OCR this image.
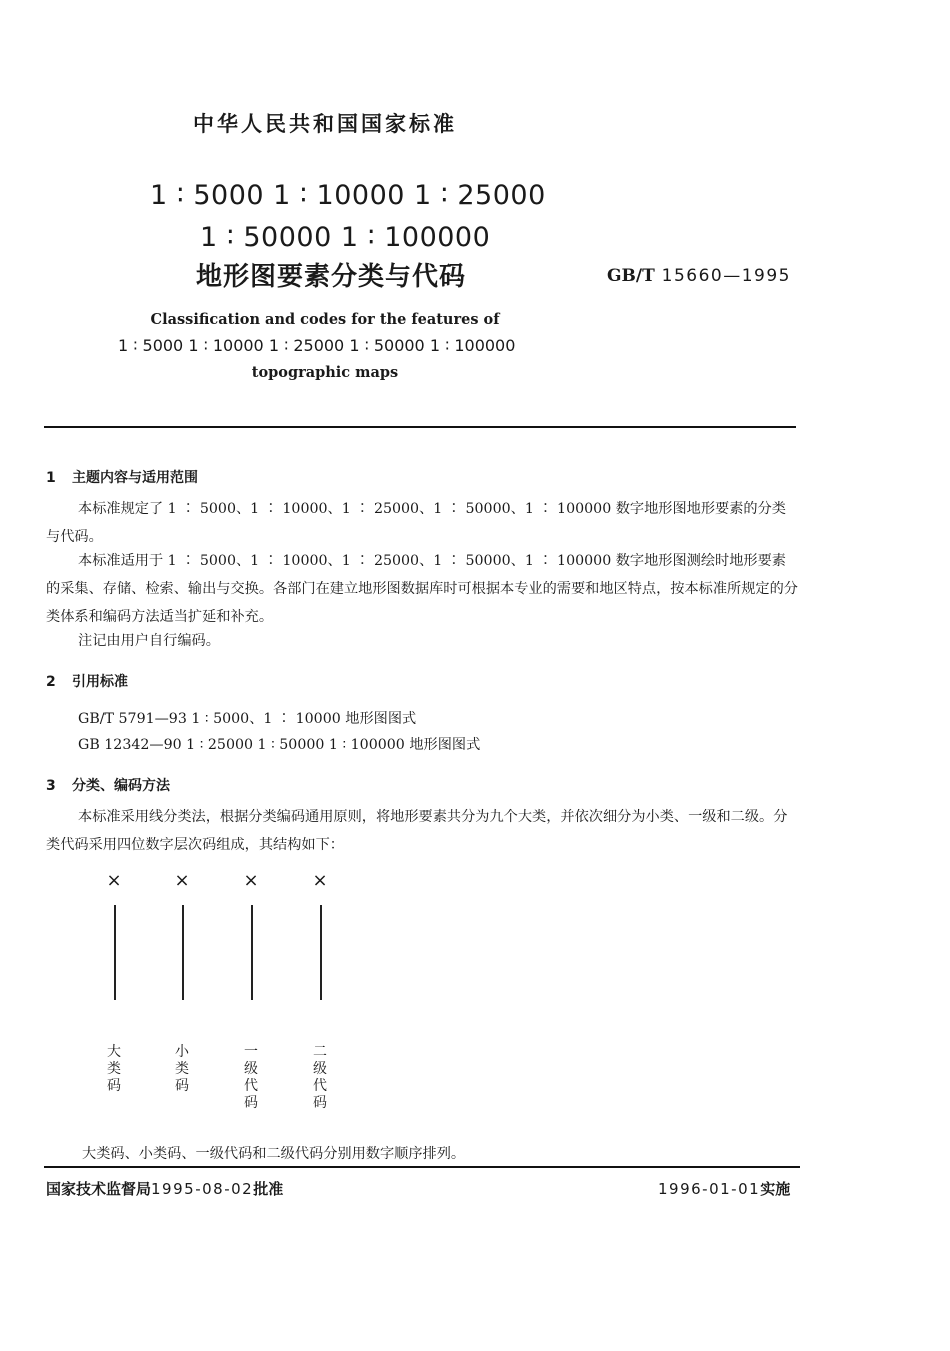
中华人民共和国国家标准
1 ∶ 5000 1 ∶ 10000 1 ∶ 25000
1 ∶ 50000 1 ∶ 100000
地形图要素分类与代码	GB/T 15660—1995
Classification and codes for the features of
1 ∶ 5000 1 ∶ 10000 1 ∶ 25000 1 ∶ 50000 1 ∶ 100000
topographic maps
1 主题内容与适用范围
本标准规定了 1 ∶ 5000、1 ∶ 10000、1 ∶ 25000、1 ∶ 50000、1 ∶ 100000 数字地形图地形要素的分类与代码。
本标准适用于 1 ∶ 5000、1 ∶ 10000、1 ∶ 25000、1 ∶ 50000、1 ∶ 100000 数字地形图测绘时地形要素的采集、存储、检索、输出与交换。各部门在建立地形图数据库时可根据本专业的需要和地区特点，按本标准所规定的分类体系和编码方法适当扩延和补充。
注记由用户自行编码。
2 引用标准
GB/T 5791—93 1 ∶ 5000、1 ∶ 10000 地形图图式
GB 12342—90 1 ∶ 25000 1 ∶ 50000 1 ∶ 100000 地形图图式
3 分类、编码方法
本标准采用线分类法，根据分类编码通用原则，将地形要素共分为九个大类，并依次细分为小类、一级和二级。分类代码采用四位数字层次码组成，其结构如下：
×	×	×	×
大类码
小类码
一级代码
二级代码
大类码、小类码、一级代码和二级代码分别用数字顺序排列。
国家技术监督局1995-08-02批准	1996-01-01实施
